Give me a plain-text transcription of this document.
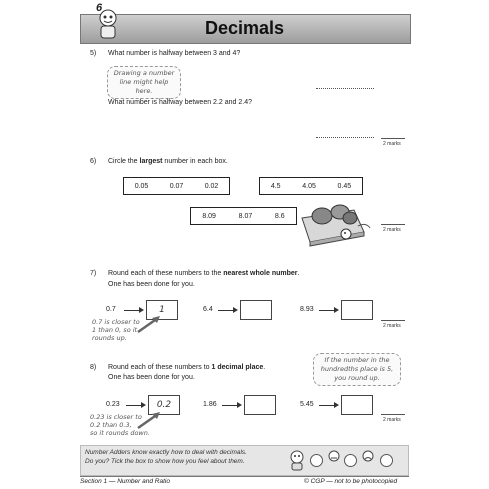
6
Decimals
5) What number is halfway between 3 and 4?
Drawing a number
line might help here.
What number is halfway between 2.2 and 2.4?
2 marks
6) Circle the largest number in each box.
0.05	0.07	0.02	4.5	4.05	0.45
8.09	8.07	8.6
2 marks
7) Round each of these numbers to the nearest whole number.
One has been done for you.
0.7	1	6.4	8.93
0.7 is closer to
1 than 0, so it
rounds up.
2 marks
8) Round each of these numbers to 1 decimal place.
One has been done for you.
If the number in the
hundredths place is 5,
you round up.
0.23	0.2	1.86	5.45
0.23 is closer to
0.2 than 0.3,
so it rounds down.
2 marks
Number Adders know exactly how to deal with decimals.
Do you? Tick the box to show how you feel about them.
Section 1 — Number and Ratio	© CGP — not to be photocopied
